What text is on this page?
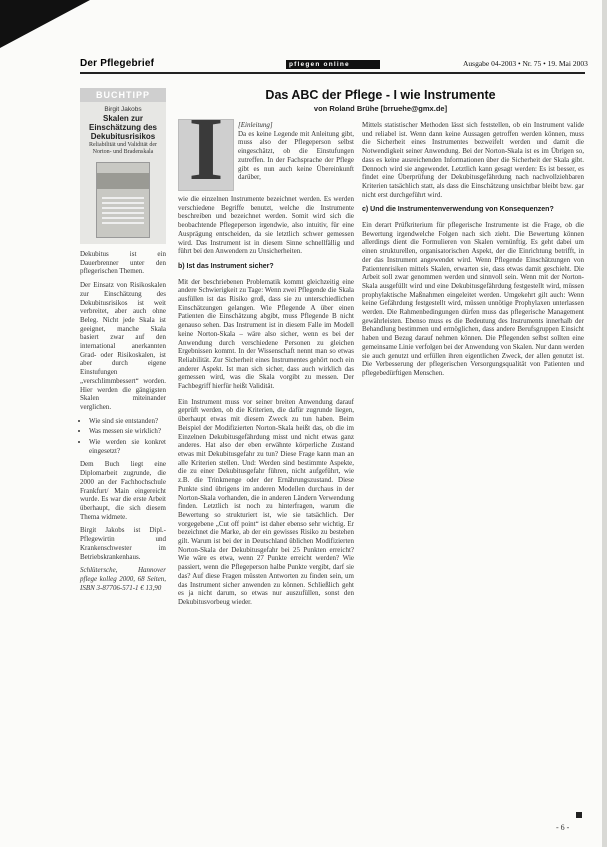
Der Pflegebrief	pflegen online	Ausgabe 04-2003 • Nr. 75 • 19. Mai 2003
BUCHTIPP
Birgit Jakobs
Skalen zur Einschätzung des Dekubitusrisikos
Reliabilität und Validität der Norton- und Bradenskala

Dekubitus ist ein Dauerbrenner unter den pflegerischen Themen.

Der Einsatz von Risikoskalen zur Einschätzung des Dekubitusrisikos ist weit verbreitet, aber auch ohne Beleg. Nicht jede Skala ist geeignet, manche Skala basiert zwar auf den international anerkannten Grad- oder Risikoskalen, ist aber durch eigene Einstufungen „verschlimmbessert“ worden. Hier werden die gängigsten Skalen miteinander verglichen.

• Wie sind sie entstanden?
• Was messen sie wirklich?
• Wie werden sie konkret eingesetzt?

Dem Buch liegt eine Diplomarbeit zugrunde, die 2000 an der Fachhochschule Frankfurt/ Main eingereicht wurde. Es war die erste Arbeit überhaupt, die sich diesem Thema widmete.

Birgit Jakobs ist Dipl.-Pflegewirtin und Krankenschwester im Betriebskrankenhaus.

Schlütersche, Hannover pflege kolleg 2000, 68 Seiten, ISBN 3-87706-571-1 € 13,90

Das ABC der Pflege - I wie Instrumente
von Roland Brühe [brruehe@gmx.de]
I	[Einleitung]

Da es keine Legende mit Anleitung gibt, muss also der Pflegeperson selbst eingeschätzt, ob die Einstufungen zutreffen. In der Fachsprache der Pflege gibt es nun auch keine Übereinkunft darüber,

wie die einzelnen Instrumente bezeichnet werden. Es werden verschiedene Begriffe benutzt, welche die Instrumente beschreiben und bezeichnet werden. Somit wird sich die beobachtende Pflegeperson irgendwie, also intuitiv, für eine Ausprägung entscheiden, da sie letztlich schwer gemessen wird. Das Instrument ist in diesem Sinne schnellfällig und führt bei den Anwendern zu Unsicherheiten.

b) Ist das Instrument sicher?

Mit der beschriebenen Problematik kommt gleichzeitig eine andere Schwierigkeit zu Tage: Wenn zwei Pflegende die Skala ausfüllen ist das Risiko groß, dass sie zu unterschiedlichen Einschätzungen gelangen. Wie Pflegende A über einen Patienten die Einschätzung abgibt, muss Pflegende B nicht genauso sehen. Das Instrument ist in diesem Falle im Modell keine Norton-Skala – wäre also sicher, wenn es bei der Anwendung durch verschiedene Personen zu gleichen Ergebnissen kommt. In der Wissenschaft nennt man so etwas Reliabilität. Zur Sicherheit eines Instrumentes gehört noch ein anderer Aspekt. Ist man sich sicher, dass auch wirklich das gemessen wird, was die Skala vorgibt zu messen. Der Fachbegriff hierfür heißt Validität.

Ein Instrument muss vor seiner breiten Anwendung darauf geprüft werden, ob die Kriterien, die dafür zugrunde liegen, überhaupt etwas mit diesem Zweck zu tun haben. Beim Beispiel der Modifizierten Norton-Skala heißt das, ob die im Einzelnen Dekubitusgefährdung misst und nicht etwas ganz anderes. Hat also der eben erwähnte körperliche Zustand etwas mit Dekubitusgefahr zu tun? Diese Frage kann man an alle Kriterien stellen. Und: Werden sind bestimmte Aspekte, die zu einer Dekubitusgefahr führen, nicht aufgeführt, wie z.B. die Trinkmenge oder der Ernährungszustand. Diese Punkte sind übrigens im anderen Modellen durchaus in der Norton-Skala vorhanden, die in anderen Ländern Verwendung finden. Letztlich ist noch zu hinterfragen, warum die Bewertung so strukturiert ist, wie sie tatsächlich. Der vorgegebene „Cut off point“ ist daher ebenso sehr wichtig. Er bezeichnet die Marke, ab der ein gewisses Risiko zu bestehen gilt. Warum ist bei der in Deutschland üblichen Modifizierten Norton-Skala der Dekubitusgefahr bei 25 Punkten erreicht? Wie wäre es etwa, wenn 27 Punkte erreicht werden? Wie passiert, wenn die Pflegeperson halbe Punkte vergibt, darf sie das? Auf diese Fragen müssten Antworten zu finden sein, um das Instrument sicher anwenden zu können. Schließlich geht es ja nicht darum, so etwas nur auszufüllen, sonst den Dekubitusvorbeug wieder.

Mittels statistischer Methoden lässt sich feststellen, ob ein Instrument valide und reliabel ist. Wenn dann keine Aussagen getroffen werden können, muss die Sicherheit eines Instrumentes bezweifelt werden und damit die Notwendigkeit seiner Anwendung. Bei der Norton-Skala ist es im Übrigen so, dass es keine ausreichenden Informationen über die Sicherheit der Skala gibt. Dennoch wird sie angewendet. Letztlich kann gesagt werden: Es ist besser, es findet eine Überprüfung der Dekubitusgefährdung nach nachvollziehbaren Kriterien tatsächlich statt, als dass die Einschätzung unsichtbar bleibt bzw. gar nicht erst durchgeführt wird.

c) Und die Instrumentenverwendung von Konsequenzen?

Ein derart Prüfkriterium für pflegerische Instrumente ist die Frage, ob die Bewertung irgendwelche Folgen nach sich zieht. Die Bewertung können allerdings dient die Formulieren von Skalen vernünftig. Es geht dabei um einen strukturellen, organisatorischen Aspekt, der die Einrichtung betrifft, in der das Instrument angewendet wird. Wenn Pflegende Einschätzungen von Patientenrisiken mittels Skalen, erwarten sie, dass etwas damit geschieht. Die Arbeit soll zwar genommen werden und sinnvoll sein. Wenn mit der Norton-Skala ausgefüllt wird und eine Dekubitusgefährdung festgestellt wird, müssen prophylaktische Maßnahmen eingeleitet werden. Umgekehrt gilt auch: Wenn keine Gefährdung festgestellt wird, müssen unnötige Prophylaxen unterlassen werden. Die Rahmenbedingungen dürfen muss das pflegerische Management gewährleisten. Ebenso muss es die Bedeutung des Instruments innerhalb der Behandlung bestimmen und ermöglichen, dass andere Berufsgruppen Einsicht haben und Bezug darauf nehmen können. Die Pflegenden selbst sollten eine gemeinsame Linie verfolgen bei der Anwendung von Skalen. Nur dann werden sie auch genutzt und erfüllen ihren eigentlichen Zweck, der allen genutzt ist. Die Verbesserung der pflegerischen Versorgungsqualität von Patienten und pflegebedürftigen Menschen.

- 6 -
